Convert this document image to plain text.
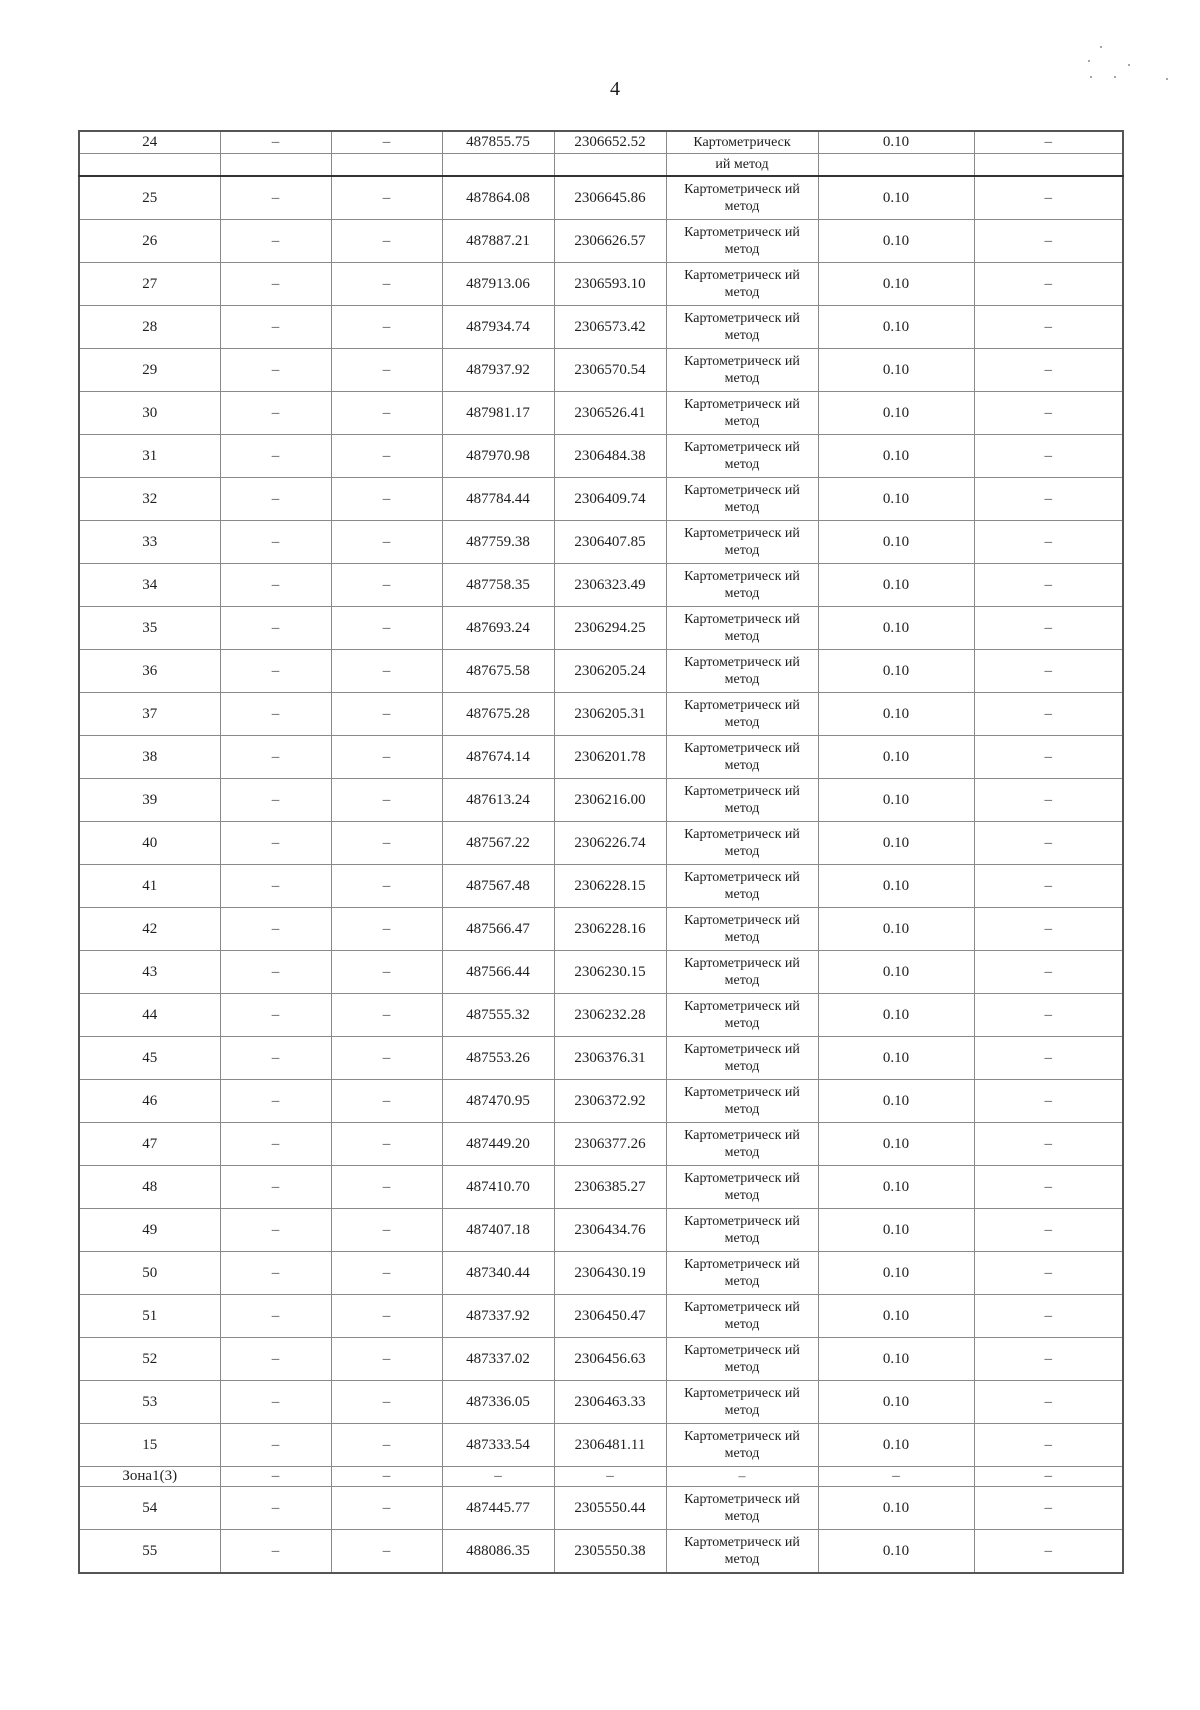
4
24	–	–	487855.75	2306652.52	Картометрическ	0.10	–
					ий метод		
25	–	–	487864.08	2306645.86	Картометрическ ий метод	0.10	–
26	–	–	487887.21	2306626.57	Картометрическ ий метод	0.10	–
27	–	–	487913.06	2306593.10	Картометрическ ий метод	0.10	–
28	–	–	487934.74	2306573.42	Картометрическ ий метод	0.10	–
29	–	–	487937.92	2306570.54	Картометрическ ий метод	0.10	–
30	–	–	487981.17	2306526.41	Картометрическ ий метод	0.10	–
31	–	–	487970.98	2306484.38	Картометрическ ий метод	0.10	–
32	–	–	487784.44	2306409.74	Картометрическ ий метод	0.10	–
33	–	–	487759.38	2306407.85	Картометрическ ий метод	0.10	–
34	–	–	487758.35	2306323.49	Картометрическ ий метод	0.10	–
35	–	–	487693.24	2306294.25	Картометрическ ий метод	0.10	–
36	–	–	487675.58	2306205.24	Картометрическ ий метод	0.10	–
37	–	–	487675.28	2306205.31	Картометрическ ий метод	0.10	–
38	–	–	487674.14	2306201.78	Картометрическ ий метод	0.10	–
39	–	–	487613.24	2306216.00	Картометрическ ий метод	0.10	–
40	–	–	487567.22	2306226.74	Картометрическ ий метод	0.10	–
41	–	–	487567.48	2306228.15	Картометрическ ий метод	0.10	–
42	–	–	487566.47	2306228.16	Картометрическ ий метод	0.10	–
43	–	–	487566.44	2306230.15	Картометрическ ий метод	0.10	–
44	–	–	487555.32	2306232.28	Картометрическ ий метод	0.10	–
45	–	–	487553.26	2306376.31	Картометрическ ий метод	0.10	–
46	–	–	487470.95	2306372.92	Картометрическ ий метод	0.10	–
47	–	–	487449.20	2306377.26	Картометрическ ий метод	0.10	–
48	–	–	487410.70	2306385.27	Картометрическ ий метод	0.10	–
49	–	–	487407.18	2306434.76	Картометрическ ий метод	0.10	–
50	–	–	487340.44	2306430.19	Картометрическ ий метод	0.10	–
51	–	–	487337.92	2306450.47	Картометрическ ий метод	0.10	–
52	–	–	487337.02	2306456.63	Картометрическ ий метод	0.10	–
53	–	–	487336.05	2306463.33	Картометрическ ий метод	0.10	–
15	–	–	487333.54	2306481.11	Картометрическ ий метод	0.10	–
Зона1(3)	–	–	–	–	–	–	–
54	–	–	487445.77	2305550.44	Картометрическ ий метод	0.10	–
55	–	–	488086.35	2305550.38	Картометрическ ий метод	0.10	–
